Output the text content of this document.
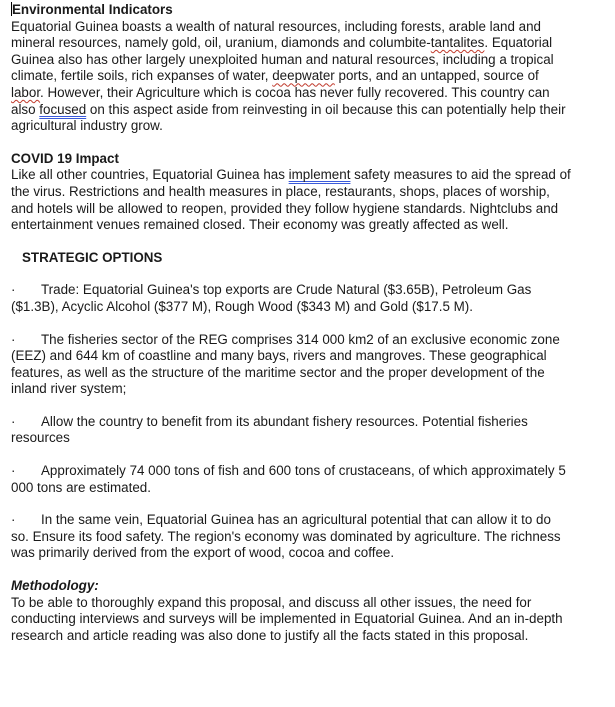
Environmental Indicators

Equatorial Guinea boasts a wealth of natural resources, including forests, arable land and mineral resources, namely gold, oil, uranium, diamonds and columbite-tantalites. Equatorial Guinea also has other largely unexploited human and natural resources, including a tropical climate, fertile soils, rich expanses of water, deepwater ports, and an untapped, source of labor. However, their Agriculture which is cocoa has never fully recovered. This country can also focused on this aspect aside from reinvesting in oil because this can potentially help their agricultural industry grow.

COVID 19 Impact

Like all other countries, Equatorial Guinea has implement safety measures to aid the spread of the virus. Restrictions and health measures in place, restaurants, shops, places of worship, and hotels will be allowed to reopen, provided they follow hygiene standards. Nightclubs and entertainment venues remained closed. Their economy was greatly affected as well.

STRATEGIC OPTIONS

· Trade: Equatorial Guinea's top exports are Crude Natural ($3.65B), Petroleum Gas ($1.3B), Acyclic Alcohol ($377 M), Rough Wood ($343 M) and Gold ($17.5 M).

· The fisheries sector of the REG comprises 314 000 km2 of an exclusive economic zone (EEZ) and 644 km of coastline and many bays, rivers and mangroves. These geographical features, as well as the structure of the maritime sector and the proper development of the inland river system;

· Allow the country to benefit from its abundant fishery resources. Potential fisheries resources

· Approximately 74 000 tons of fish and 600 tons of crustaceans, of which approximately 5 000 tons are estimated.

· In the same vein, Equatorial Guinea has an agricultural potential that can allow it to do so. Ensure its food safety. The region's economy was dominated by agriculture. The richness was primarily derived from the export of wood, cocoa and coffee.

Methodology:

To be able to thoroughly expand this proposal, and discuss all other issues, the need for conducting interviews and surveys will be implemented in Equatorial Guinea. And an in-depth research and article reading was also done to justify all the facts stated in this proposal.
